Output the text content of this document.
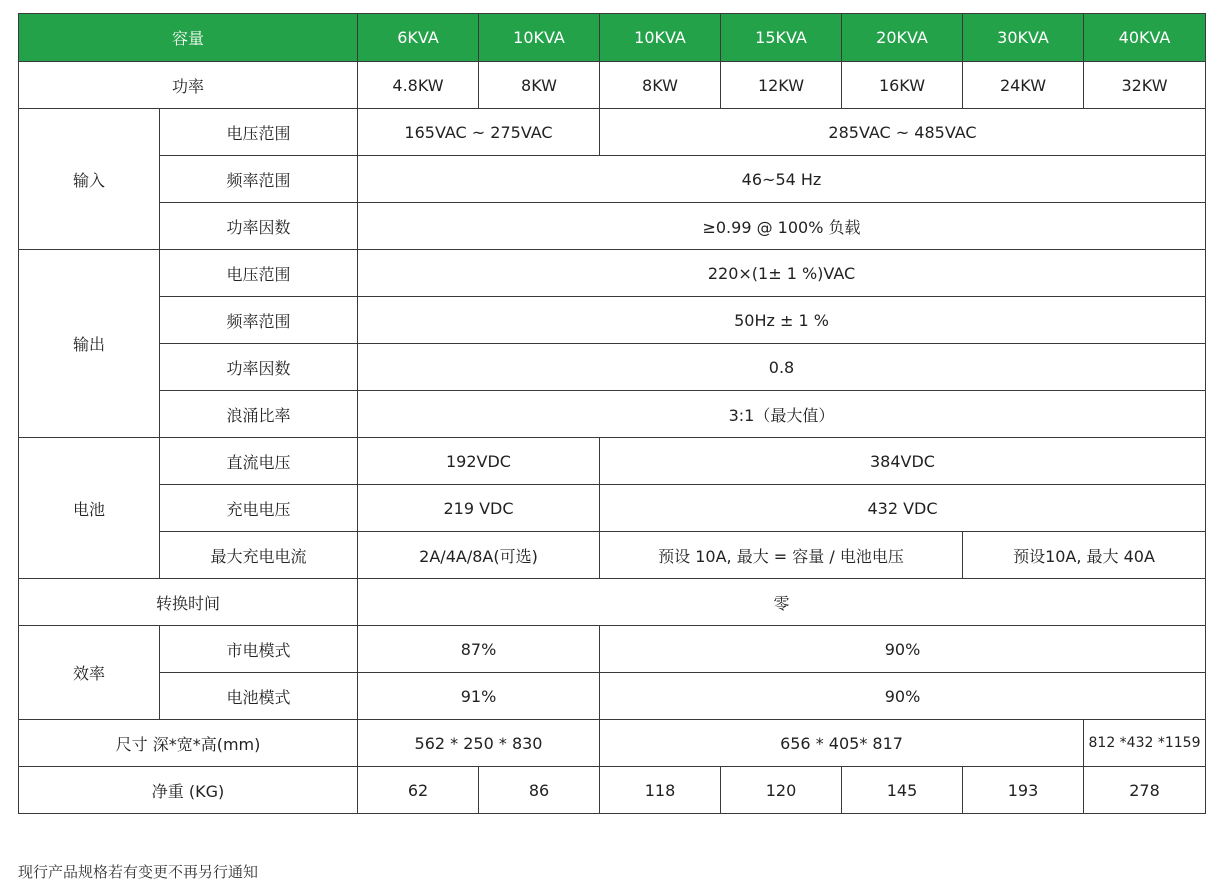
容量		6KVA	10KVA	10KVA	15KVA	20KVA	30KVA	40KVA
功率		4.8KW	8KW	8KW	12KW	16KW	24KW	32KW
输入	电压范围	165VAC ~ 275VAC		285VAC ~ 485VAC				
	频率范围	46~54 Hz						
	功率因数	≥0.99 @ 100% 负载						
输出	电压范围	220×(1± 1 %)VAC						
	频率范围	50Hz ± 1 %						
	功率因数	0.8						
	浪涌比率	3:1（最大值）						
电池	直流电压	192VDC		384VDC				
	充电电压	219 VDC		432 VDC				
	最大充电电流	2A/4A/8A(可选)		预设 10A, 最大 = 容量 / 电池电压			预设10A, 最大 40A	
转换时间		零						
效率	市电模式	87%		90%				
	电池模式	91%		90%				
尺寸 深*宽*高(mm)		562 * 250 * 830		656 * 405* 817				812 *432 *1159
净重 (KG)		62	86	118	120	145	193	278
现行产品规格若有变更不再另行通知
